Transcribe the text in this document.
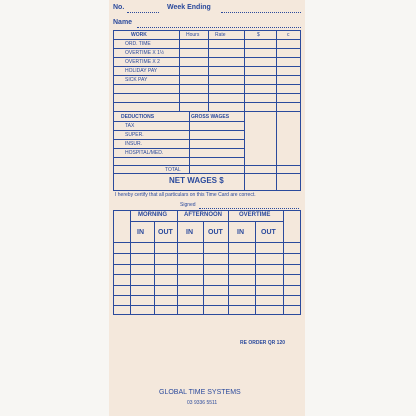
No.	Week Ending
Name
WORK	Hours	Rate	$	c
ORD. TIME
OVERTIME X 1½
OVERTIME X 2
HOLIDAY PAY
SICK PAY
DEDUCTIONS	GROSS WAGES
TAX
SUPER.
INSUR.
HOSPITAL/MED.
TOTAL
NET WAGES $
I hereby certify that all particulars on this Time Card are correct.
Signed
MORNING	AFTERNOON	OVERTIME
IN OUT IN OUT IN OUT
RE ORDER QR 120
GLOBAL TIME SYSTEMS
03 9336 5511
